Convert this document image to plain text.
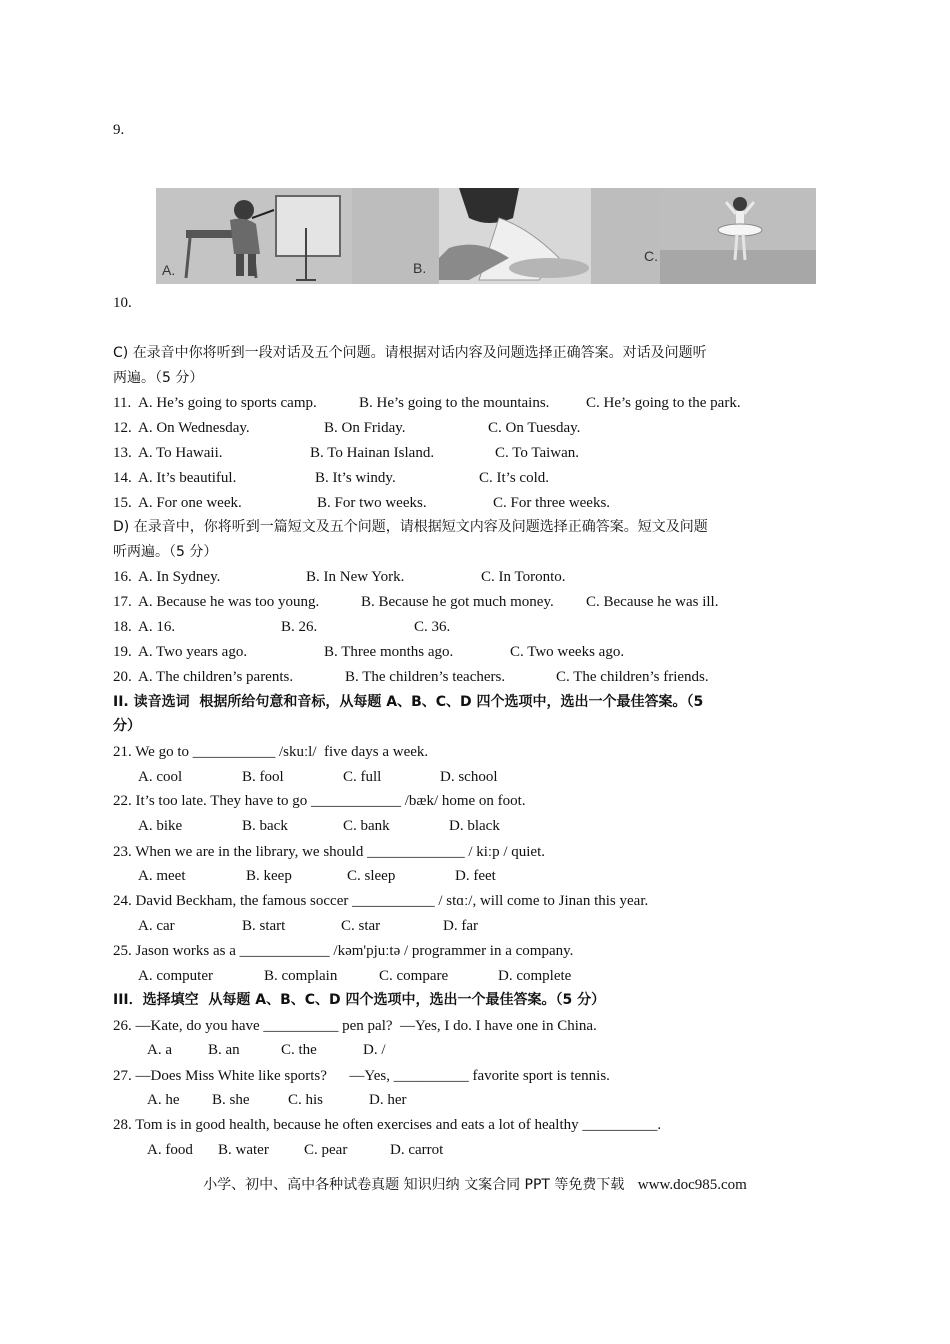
9.
A.	B.
C.
10.
C) 在录音中你将听到一段对话及五个问题。请根据对话内容及问题选择正确答案。对话及问题听
两遍。（5 分）
11. A. He’s going to sports camp.	B. He’s going to the mountains. C. He’s going to the park.
12. A. On Wednesday.	B. On Friday.	C. On Tuesday.
13. A. To Hawaii.	B. To Hainan Island.	C. To Taiwan.
14. A. It’s beautiful.	B. It’s windy.	C. It’s cold.
15. A. For one week.	B. For two weeks.	C. For three weeks.
D) 在录音中，你将听到一篇短文及五个问题，请根据短文内容及问题选择正确答案。短文及问题
听两遍。（5 分）
16. A. In Sydney.	B. In New York.	C. In Toronto.
17. A. Because he was too young.	B. Because he got much money. C. Because he was ill.
18. A. 16.	B. 26.	C. 36.
19. A. Two years ago.	B. Three months ago.	C. Two weeks ago.
20. A. The children’s parents.	B. The children’s teachers.	C. The children’s friends.
II. 读音选词  根据所给句意和音标，从每题 A、B、C、D 四个选项中，选出一个最佳答案。（5
分）
21. We go to ___________ /skuːl/  five days a week.
A. cool	B. fool	C. full	D. school
22. It’s too late. They have to go ____________ /bæk/ home on foot.
A. bike	B. back	C. bank	D. black
23. When we are in the library, we should _____________ / kiːp / quiet.
A. meet	B. keep	C. sleep	D. feet
24. David Beckham, the famous soccer ___________ / stɑː/, will come to Jinan this year.
A. car	B. start	C. star	D. far
25. Jason works as a ____________ /kəm'pjuːtə / programmer in a company.
A. computer	B. complain	C. compare	D. complete
III．选择填空  从每题 A、B、C、D 四个选项中，选出一个最佳答案。（5 分）
26. —Kate, do you have __________ pen pal?  —Yes, I do. I have one in China.
A. a B. an	C. the	D. /
27. —Does Miss White like sports?      —Yes, __________ favorite sport is tennis.
A. he B. she	C. his	D. her
28. Tom is in good health, because he often exercises and eats a lot of healthy __________.
A. food B. water C. pear	D. carrot
小学、初中、高中各种试卷真题 知识归纳 文案合同 PPT 等免费下载 www.doc985.com
